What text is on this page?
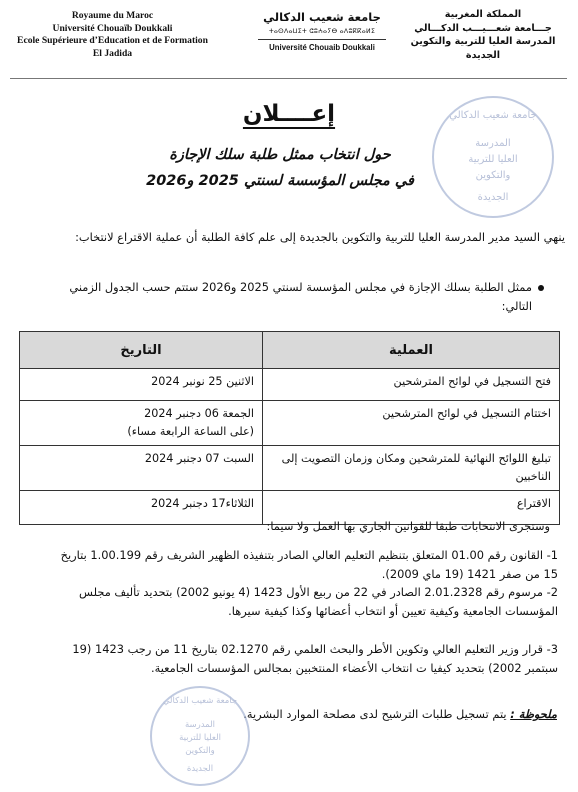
Royaume du Maroc
Université Chouaïb Doukkali
Ecole Supérieure d’Education et de Formation
El Jadida
جامعة شعيب الدكالي
ⵜⴰⵙⴷⴰⵡⵉⵜ ⵛⵓⵄⴰⵢⴱ ⴰⴷⵓⴽⴽⴰⵍⵉ
Université Chouaib Doukkali
المملكة المغربية
جـــامعة شعـــيـــب الدكـــالي
المدرسة العليا للتربية والتكوين
الجديدة
جامعة شعيب الدكالي
المدرسة
العليا للتربية
والتكوين
الجديدة
إعــــلان
حول انتخاب ممثل طلبة سلك الإجازة
في مجلس المؤسسة لسنتي 2025 و2026
ينهي السيد مدير المدرسة العليا للتربية والتكوين بالجديدة إلى علم كافة الطلبة أن عملية الاقتراع لانتخاب:
ممثل الطلبة بسلك الإجازة في مجلس المؤسسة لسنتي 2025 و2026 ستتم حسب الجدول الزمني التالي:
العملية	التاريخ
فتح التسجيل في لوائح المترشحين	الاثنين 25 نونبر 2024

اختتام التسجيل في لوائح المترشحين	الجمعة 06 دجنبر 2024
(على الساعة الرابعة مساء)

تبليغ اللوائح النهائية للمترشحين ومكان وزمان التصويت إلى الناخبين	السبت 07 دجنبر 2024

الاقتراع	الثلاثاء17 دجنبر 2024
وستجرى الانتخابات طبقا للقوانين الجاري بها العمل ولا سيما:
1- القانون رقم 01.00 المتعلق بتنظيم التعليم العالي الصادر بتنفيذه الظهير الشريف رقم 1.00.199 بتاريخ 15 من صفر 1421 (19 ماي 2009).
2- مرسوم رقم 2.01.2328 الصادر في 22 من ربيع الأول 1423 (4 يونيو 2002) بتحديد تأليف مجلس المؤسسات الجامعية وكيفية تعيين أو انتخاب أعضائها وكذا كيفية سيرها.
3- قرار وزير التعليم العالي وتكوين الأطر والبحث العلمي رقم 02.1270 بتاريخ 11 من رجب 1423 (19 سبتمبر 2002) بتحديد كيفيا ت انتخاب الأعضاء المنتخبين بمجالس المؤسسات الجامعية.
ملحوظة : يتم تسجيل طلبات الترشيح لدى مصلحة الموارد البشرية.
جامعة شعيب الدكالي
المدرسة
العليا للتربية
والتكوين
الجديدة
